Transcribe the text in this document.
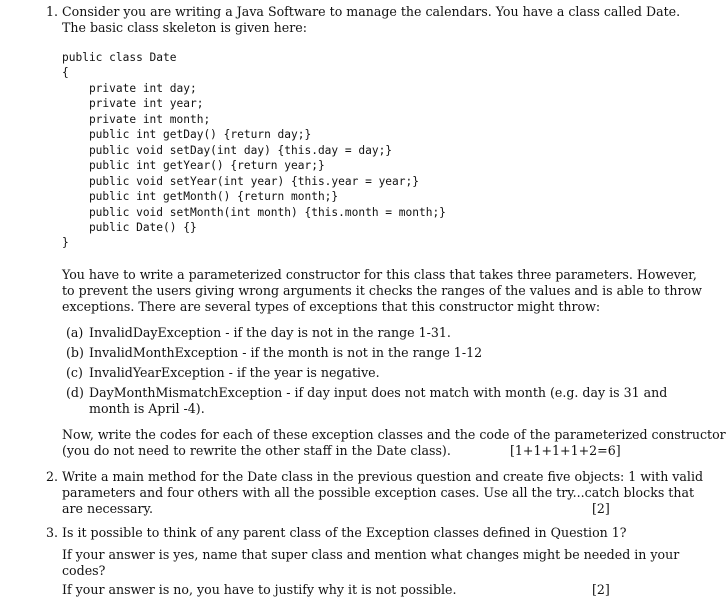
1. Consider you are writing a Java Software to manage the calendars. You have a class called Date.
The basic class skeleton is given here:
public class Date
{
private int day;
private int year;
private int month;
public int getDay() {return day;}
public void setDay(int day) {this.day = day;}
public int getYear() {return year;}
public void setYear(int year) {this.year = year;}
public int getMonth() {return month;}
public void setMonth(int month) {this.month = month;}
public Date() {}
}
You have to write a parameterized constructor for this class that takes three parameters. However,
to prevent the users giving wrong arguments it checks the ranges of the values and is able to throw
exceptions. There are several types of exceptions that this constructor might throw:
(a) InvalidDayException - if the day is not in the range 1-31.
(b) InvalidMonthException - if the month is not in the range 1-12
(c) InvalidYearException - if the year is negative.
(d) DayMonthMismatchException - if day input does not match with month (e.g. day is 31 and
month is April -4).
Now, write the codes for each of these exception classes and the code of the parameterized constructor
(you do not need to rewrite the other staff in the Date class).	[1+1+1+1+2=6]
2. Write a main method for the Date class in the previous question and create five objects: 1 with valid
parameters and four others with all the possible exception cases. Use all the try...catch blocks that
are necessary.	[2]
3. Is it possible to think of any parent class of the Exception classes defined in Question 1?
If your answer is yes, name that super class and mention what changes might be needed in your
codes?
If your answer is no, you have to justify why it is not possible.	[2]
